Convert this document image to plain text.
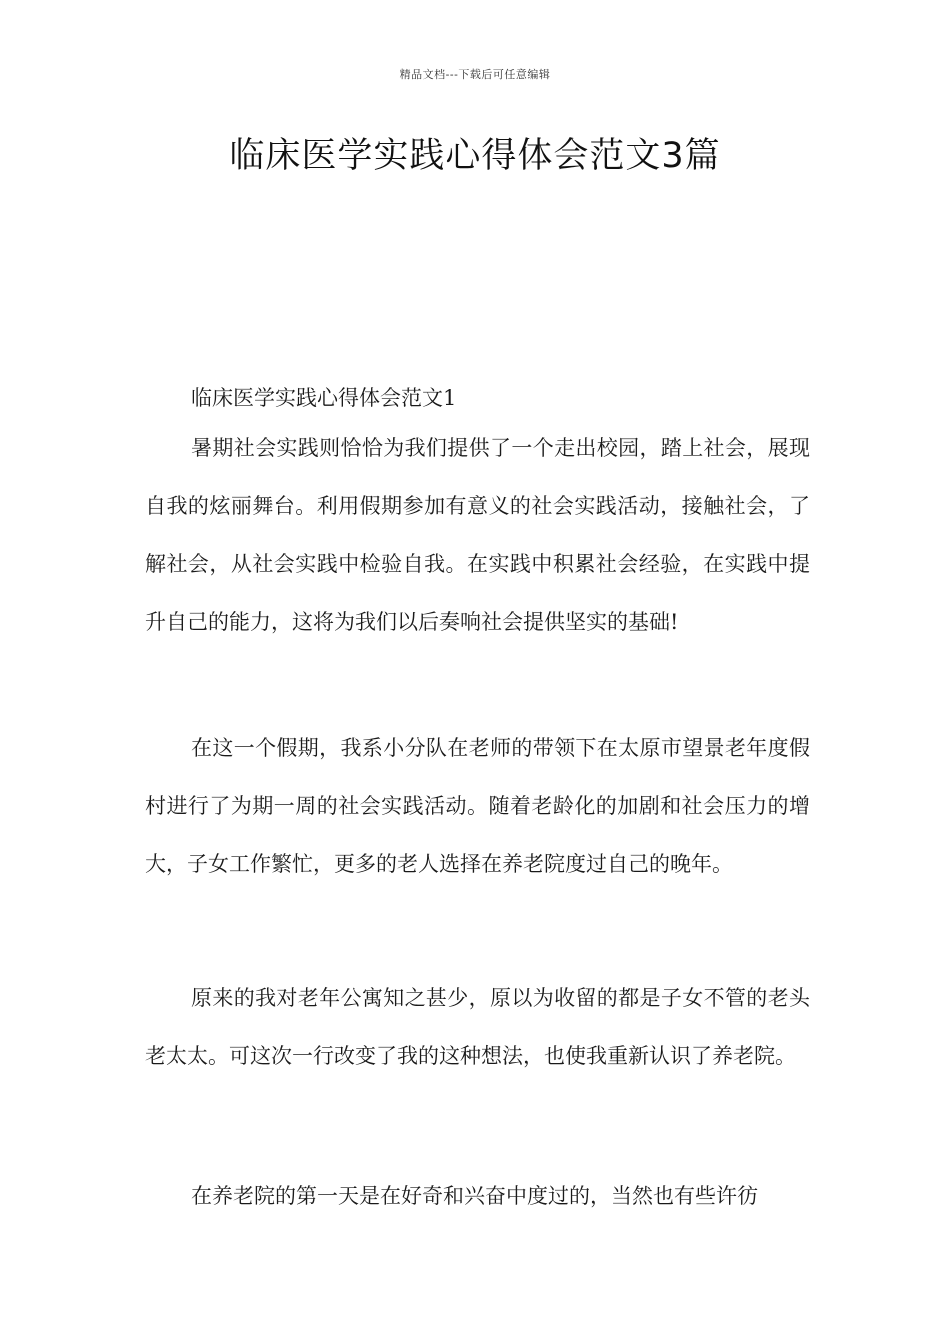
精品文档---下载后可任意编辑
临床医学实践心得体会范文3篇

临床医学实践心得体会范文1

暑期社会实践则恰恰为我们提供了一个走出校园，踏上社会，展现自我的炫丽舞台。利用假期参加有意义的社会实践活动，接触社会，了解社会，从社会实践中检验自我。在实践中积累社会经验，在实践中提升自己的能力，这将为我们以后奏响社会提供坚实的基础!

在这一个假期，我系小分队在老师的带领下在太原市望景老年度假村进行了为期一周的社会实践活动。随着老龄化的加剧和社会压力的增大，子女工作繁忙，更多的老人选择在养老院度过自己的晚年。

原来的我对老年公寓知之甚少，原以为收留的都是子女不管的老头老太太。可这次一行改变了我的这种想法，也使我重新认识了养老院。

在养老院的第一天是在好奇和兴奋中度过的，当然也有些许彷
